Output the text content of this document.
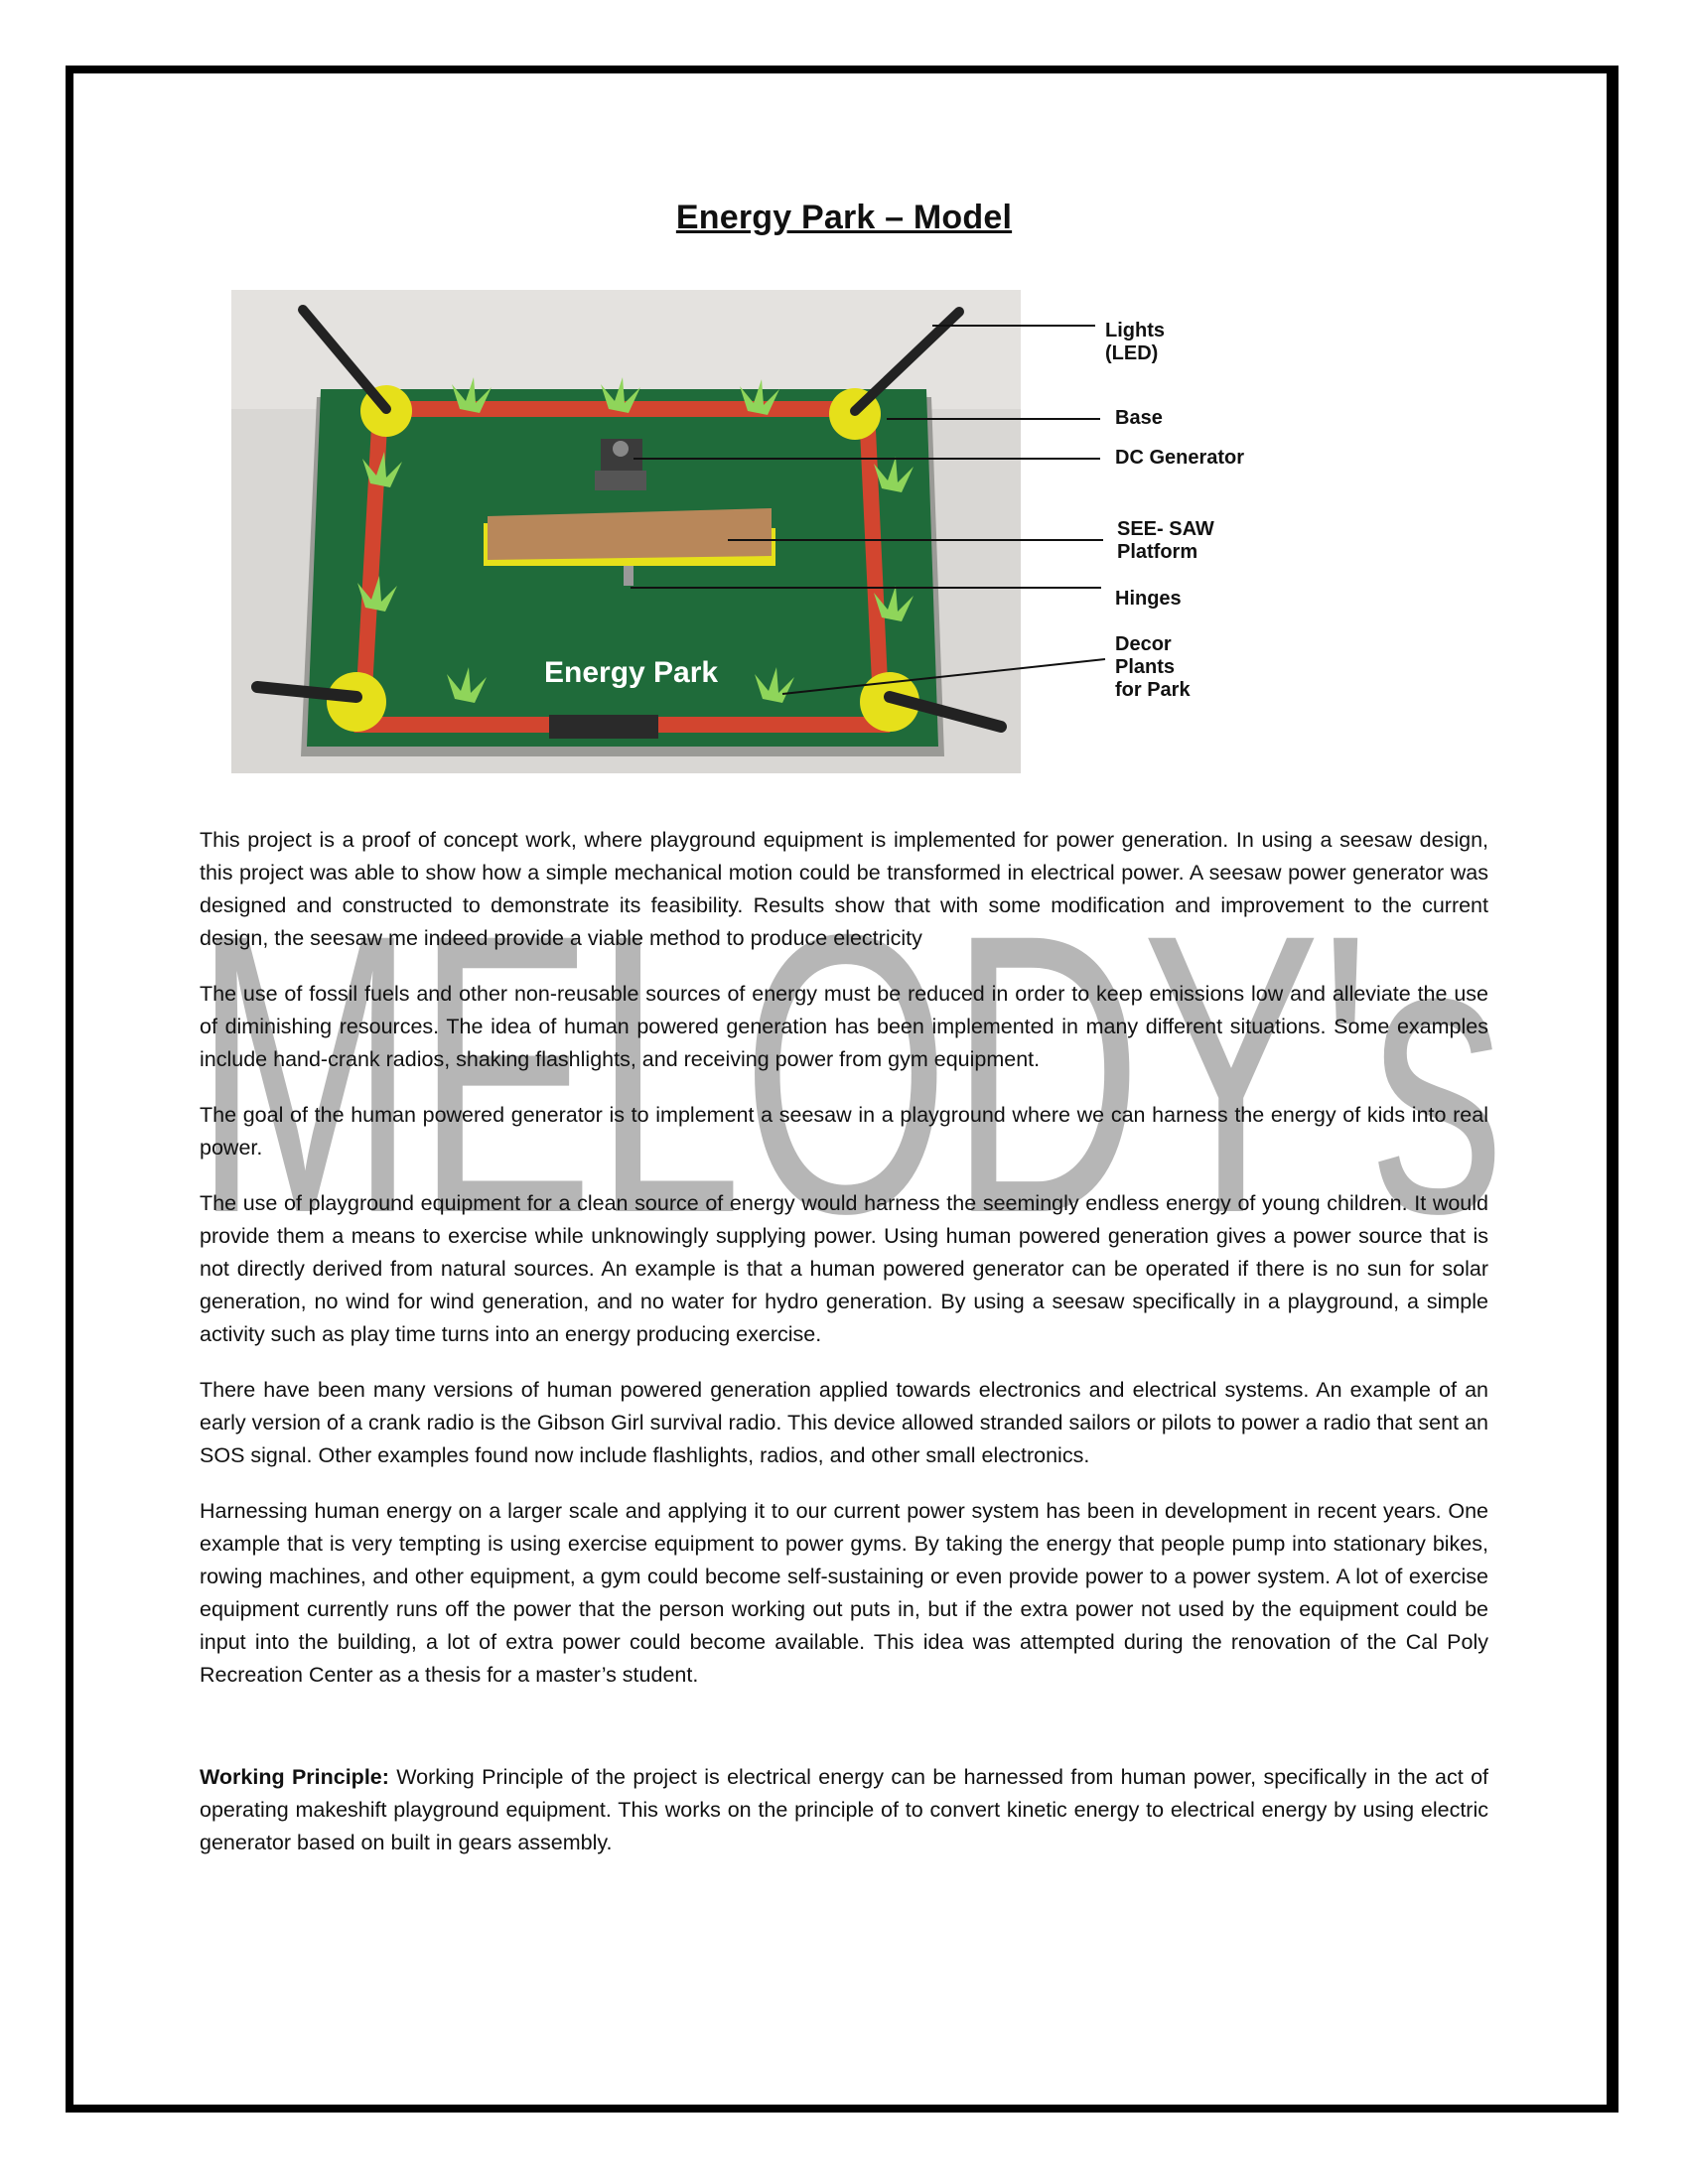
Energy Park – Model
Energy Park
Lights
(LED)
Base
DC Generator
SEE- SAW
Platform
Hinges
Decor
Plants
for Park
MELODY's

This project is a proof of concept work, where playground equipment is implemented for power generation. In using a seesaw design, this project was able to show how a simple mechanical motion could be transformed in electrical power. A seesaw power generator was designed and constructed to demonstrate its feasibility. Results show that with some modification and improvement to the current design, the seesaw me indeed provide a viable method to produce electricity

The use of fossil fuels and other non-reusable sources of energy must be reduced in order to keep emissions low and alleviate the use of diminishing resources. The idea of human powered generation has been implemented in many different situations. Some examples include hand-crank radios, shaking flashlights, and receiving power from gym equipment.

The goal of the human powered generator is to implement a seesaw in a playground where we can harness the energy of kids into real power.

The use of playground equipment for a clean source of energy would harness the seemingly endless energy of young children. It would provide them a means to exercise while unknowingly supplying power. Using human powered generation gives a power source that is not directly derived from natural sources. An example is that a human powered generator can be operated if there is no sun for solar generation, no wind for wind generation, and no water for hydro generation. By using a seesaw specifically in a playground, a simple activity such as play time turns into an energy producing exercise.

There have been many versions of human powered generation applied towards electronics and electrical systems. An example of an early version of a crank radio is the Gibson Girl survival radio. This device allowed stranded sailors or pilots to power a radio that sent an SOS signal. Other examples found now include flashlights, radios, and other small electronics.

Harnessing human energy on a larger scale and applying it to our current power system has been in development in recent years. One example that is very tempting is using exercise equipment to power gyms. By taking the energy that people pump into stationary bikes, rowing machines, and other equipment, a gym could become self-sustaining or even provide power to a power system. A lot of exercise equipment currently runs off the power that the person working out puts in, but if the extra power not used by the equipment could be input into the building, a lot of extra power could become available. This idea was attempted during the renovation of the Cal Poly Recreation Center as a thesis for a master’s student.

Working Principle: Working Principle of the project is electrical energy can be harnessed from human power, specifically in the act of operating makeshift playground equipment. This works on the principle of to convert kinetic energy to electrical energy by using electric generator based on built in gears assembly.
